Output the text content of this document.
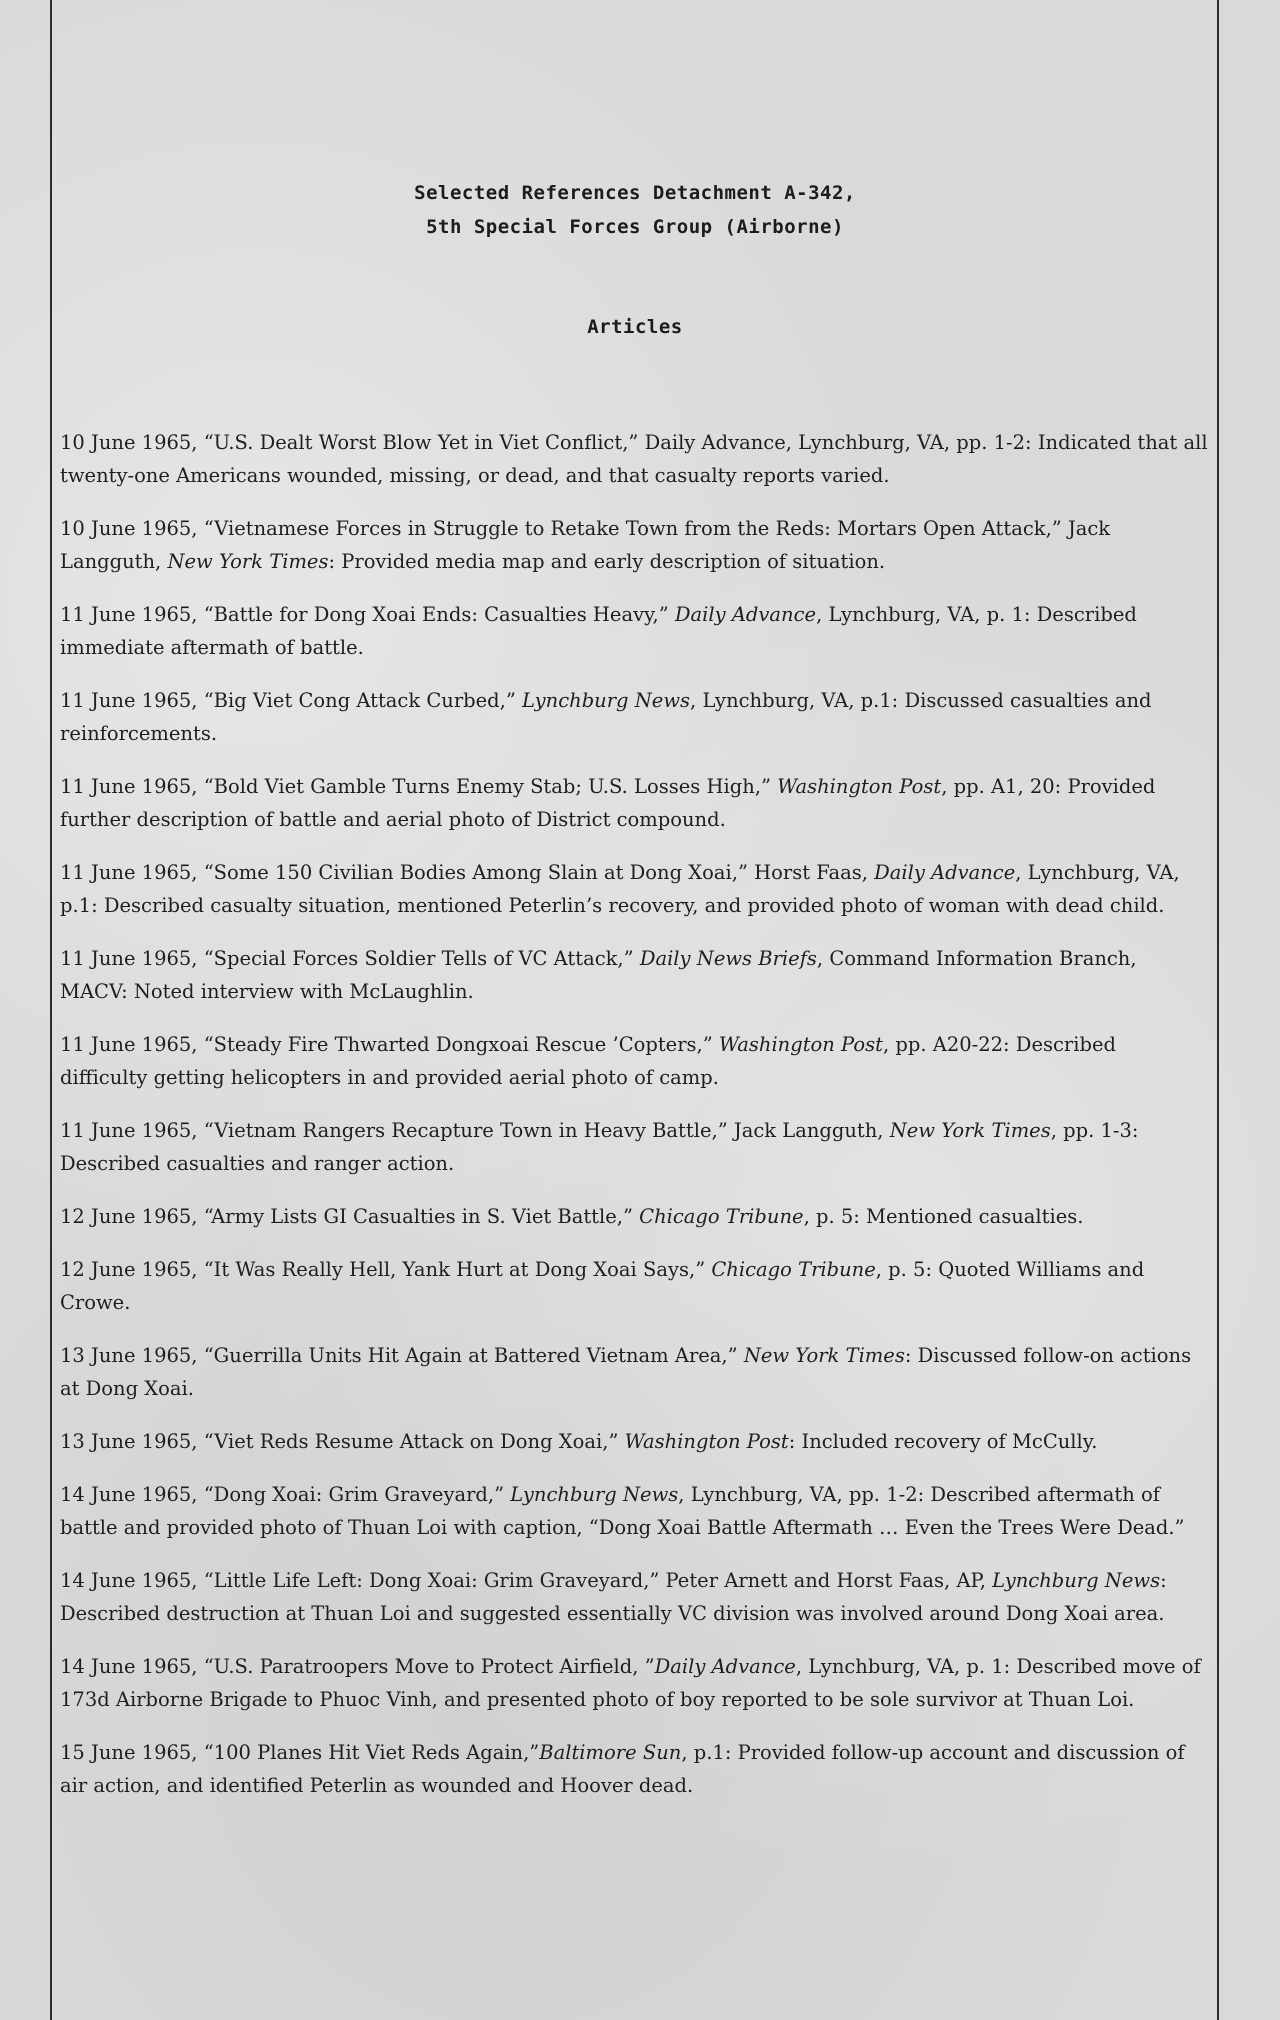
Selected References Detachment A-342,
5th Special Forces Group (Airborne)
Articles

10 June 1965, “U.S. Dealt Worst Blow Yet in Viet Conflict,” Daily Advance, Lynchburg, VA, pp. 1-2: Indicated that all twenty-one Americans wounded, missing, or dead, and that casualty reports varied.

10 June 1965, “Vietnamese Forces in Struggle to Retake Town from the Reds: Mortars Open Attack,” Jack Langguth, New York Times: Provided media map and early description of situation.

11 June 1965, “Battle for Dong Xoai Ends: Casualties Heavy,” Daily Advance, Lynchburg, VA, p. 1: Described immediate aftermath of battle.

11 June 1965, “Big Viet Cong Attack Curbed,” Lynchburg News, Lynchburg, VA, p.1: Discussed casualties and reinforcements.

11 June 1965, “Bold Viet Gamble Turns Enemy Stab; U.S. Losses High,” Washington Post, pp. A1, 20: Provided further description of battle and aerial photo of District compound.

11 June 1965, “Some 150 Civilian Bodies Among Slain at Dong Xoai,” Horst Faas, Daily Advance, Lynchburg, VA, p.1: Described casualty situation, mentioned Peterlin’s recovery, and provided photo of woman with dead child.

11 June 1965, “Special Forces Soldier Tells of VC Attack,” Daily News Briefs, Command Information Branch, MACV: Noted interview with McLaughlin.

11 June 1965, “Steady Fire Thwarted Dongxoai Rescue ’Copters,” Washington Post, pp. A20-22: Described difficulty getting helicopters in and provided aerial photo of camp.

11 June 1965, “Vietnam Rangers Recapture Town in Heavy Battle,” Jack Langguth, New York Times, pp. 1-3: Described casualties and ranger action.

12 June 1965, “Army Lists GI Casualties in S. Viet Battle,” Chicago Tribune, p. 5: Mentioned casualties.

12 June 1965, “It Was Really Hell, Yank Hurt at Dong Xoai Says,” Chicago Tribune, p. 5: Quoted Williams and Crowe.

13 June 1965, “Guerrilla Units Hit Again at Battered Vietnam Area,” New York Times: Discussed follow-on actions at Dong Xoai.

13 June 1965, “Viet Reds Resume Attack on Dong Xoai,” Washington Post: Included recovery of McCully.

14 June 1965, “Dong Xoai: Grim Graveyard,” Lynchburg News, Lynchburg, VA, pp. 1-2: Described aftermath of battle and provided photo of Thuan Loi with caption, “Dong Xoai Battle Aftermath … Even the Trees Were Dead.”

14 June 1965, “Little Life Left: Dong Xoai: Grim Graveyard,” Peter Arnett and Horst Faas, AP, Lynchburg News: Described destruction at Thuan Loi and suggested essentially VC division was involved around Dong Xoai area.

14 June 1965, “U.S. Paratroopers Move to Protect Airfield, ”Daily Advance, Lynchburg, VA, p. 1: Described move of 173d Airborne Brigade to Phuoc Vinh, and presented photo of boy reported to be sole survivor at Thuan Loi.

15 June 1965, “100 Planes Hit Viet Reds Again,”Baltimore Sun, p.1: Provided follow-up account and discussion of air action, and identified Peterlin as wounded and Hoover dead.
